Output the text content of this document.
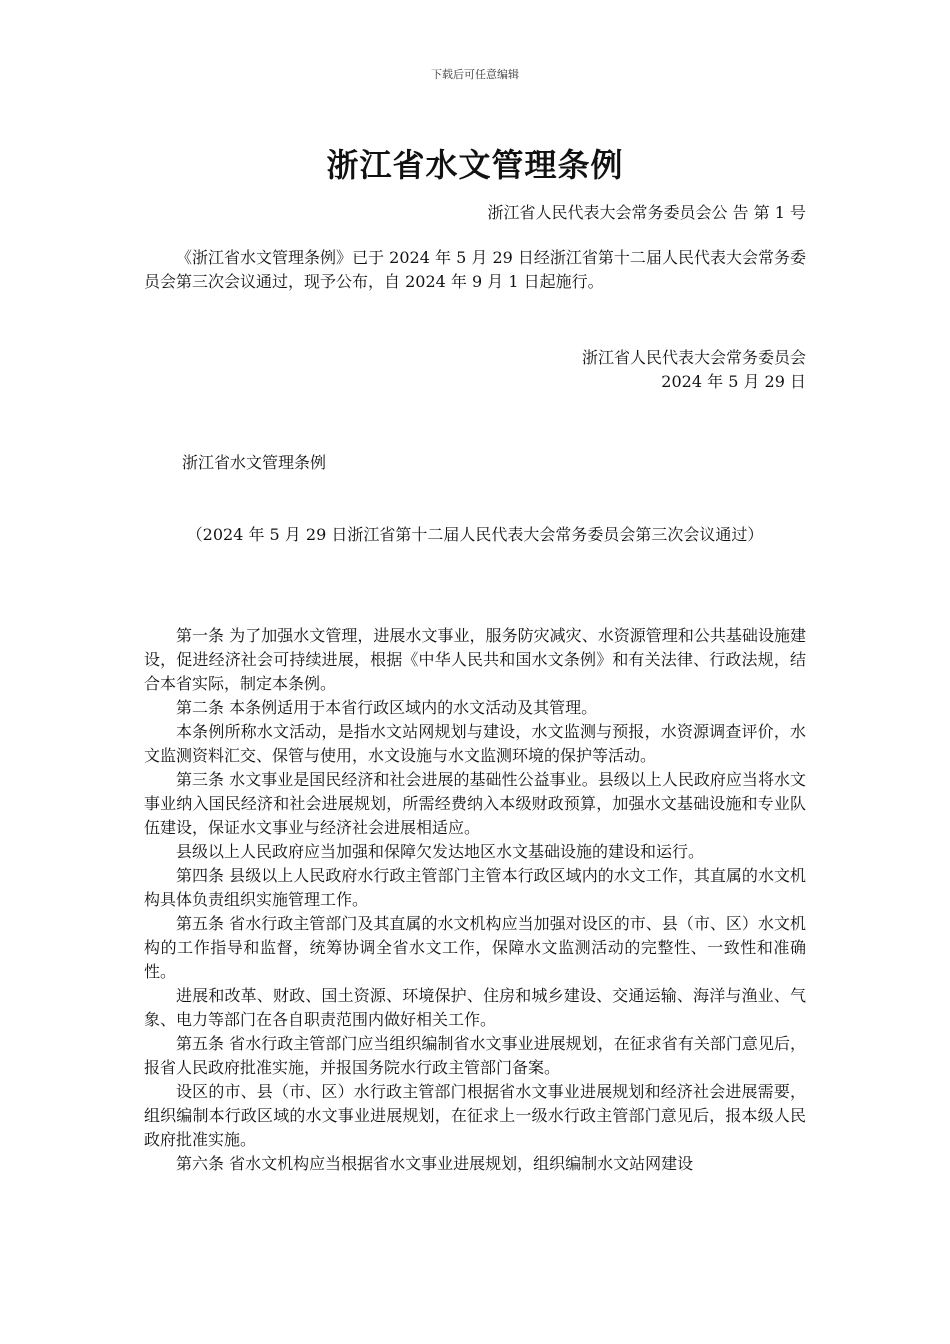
下载后可任意编辑
浙江省水文管理条例
浙江省人民代表大会常务委员会公 告 第 1 号
《浙江省水文管理条例》已于 2024 年 5 月 29 日经浙江省第十二届人民代表大会常务委员会第三次会议通过，现予公布，自 2024 年 9 月 1 日起施行。
浙江省人民代表大会常务委员会
2024 年 5 月 29 日
浙江省水文管理条例
（2024 年 5 月 29 日浙江省第十二届人民代表大会常务委员会第三次会议通过）

第一条 为了加强水文管理，进展水文事业，服务防灾减灾、水资源管理和公共基础设施建设，促进经济社会可持续进展，根据《中华人民共和国水文条例》和有关法律、行政法规，结合本省实际，制定本条例。

第二条 本条例适用于本省行政区域内的水文活动及其管理。

本条例所称水文活动，是指水文站网规划与建设，水文监测与预报，水资源调查评价，水文监测资料汇交、保管与使用，水文设施与水文监测环境的保护等活动。

第三条 水文事业是国民经济和社会进展的基础性公益事业。县级以上人民政府应当将水文事业纳入国民经济和社会进展规划，所需经费纳入本级财政预算，加强水文基础设施和专业队伍建设，保证水文事业与经济社会进展相适应。

县级以上人民政府应当加强和保障欠发达地区水文基础设施的建设和运行。

第四条 县级以上人民政府水行政主管部门主管本行政区域内的水文工作，其直属的水文机构具体负责组织实施管理工作。

第五条 省水行政主管部门及其直属的水文机构应当加强对设区的市、县（市、区）水文机构的工作指导和监督，统筹协调全省水文工作，保障水文监测活动的完整性、一致性和准确性。

进展和改革、财政、国土资源、环境保护、住房和城乡建设、交通运输、海洋与渔业、气象、电力等部门在各自职责范围内做好相关工作。

第五条 省水行政主管部门应当组织编制省水文事业进展规划，在征求省有关部门意见后，报省人民政府批准实施，并报国务院水行政主管部门备案。

设区的市、县（市、区）水行政主管部门根据省水文事业进展规划和经济社会进展需要，组织编制本行政区域的水文事业进展规划，在征求上一级水行政主管部门意见后，报本级人民政府批准实施。

第六条 省水文机构应当根据省水文事业进展规划，组织编制水文站网建设
